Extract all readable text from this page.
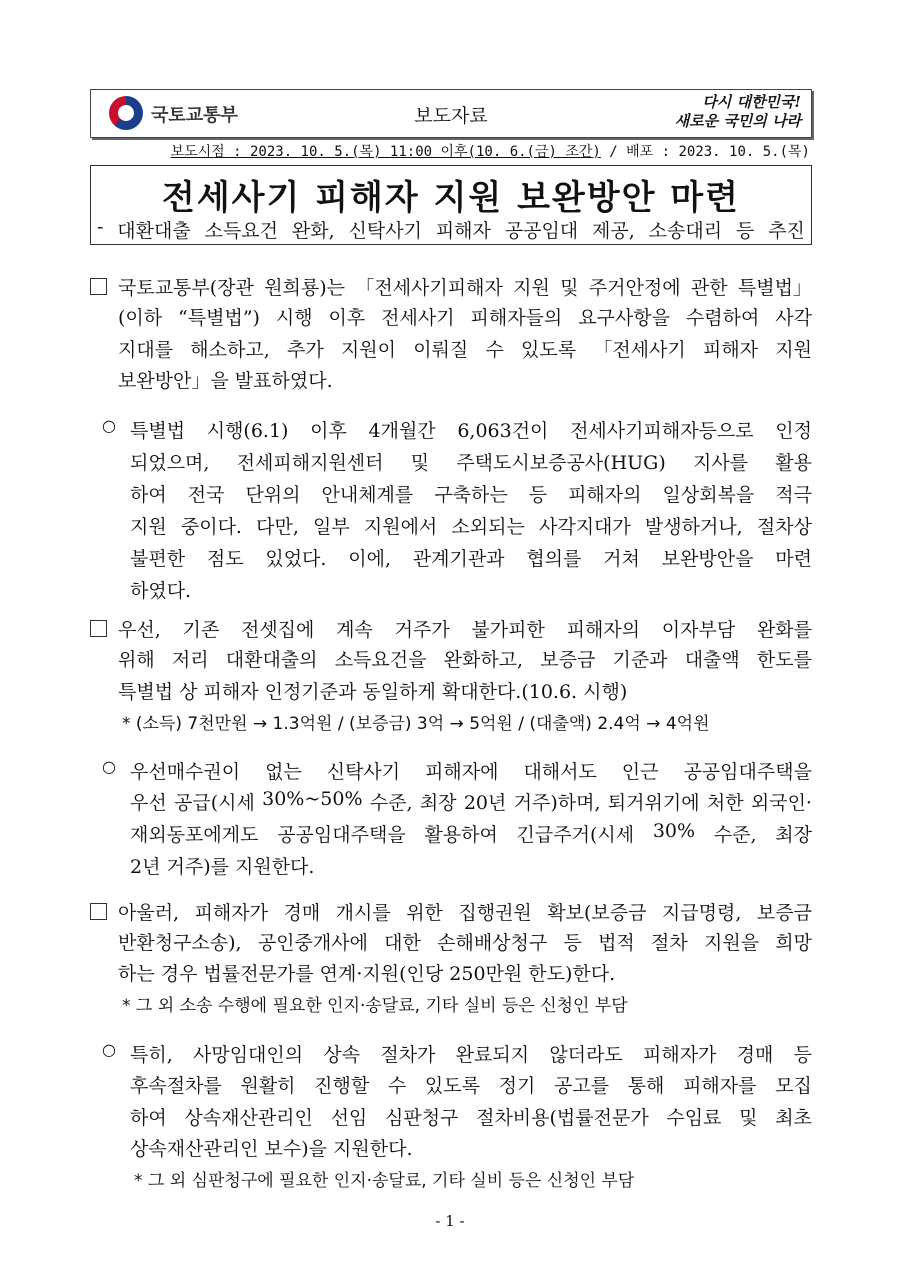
국토교통부	보도자료
다시 대한민국!
새로운 국민의 나라
보도시점 : 2023. 10. 5.(목) 11:00 이후(10. 6.(금) 조간) / 배포 : 2023. 10. 5.(목)
전세사기 피해자 지원 보완방안 마련
- 대환대출 소득요건 완화, 신탁사기 피해자 공공임대 제공, 소송대리 등 추진
국토교통부(장관 원희룡)는 「전세사기피해자 지원 및 주거안정에 관한 특별법」
(이하 “특별법”) 시행 이후 전세사기 피해자들의 요구사항을 수렴하여 사각
지대를 해소하고, 추가 지원이 이뤄질 수 있도록 「전세사기 피해자 지원
보완방안」을 발표하였다.
○ 특별법 시행(6.1) 이후 4개월간 6,063건이 전세사기피해자등으로 인정
되었으며, 전세피해지원센터 및 주택도시보증공사(HUG) 지사를 활용
하여 전국 단위의 안내체계를 구축하는 등 피해자의 일상회복을 적극
지원 중이다. 다만, 일부 지원에서 소외되는 사각지대가 발생하거나, 절차상
불편한 점도 있었다. 이에, 관계기관과 협의를 거쳐 보완방안을 마련
하였다.
우선, 기존 전셋집에 계속 거주가 불가피한 피해자의 이자부담 완화를
위해 저리 대환대출의 소득요건을 완화하고, 보증금 기준과 대출액 한도를
특별법 상 피해자 인정기준과 동일하게 확대한다.(10.6. 시행)
* (소득) 7천만원 → 1.3억원 / (보증금) 3억 → 5억원 / (대출액) 2.4억 → 4억원
○ 우선매수권이 없는 신탁사기 피해자에 대해서도 인근 공공임대주택을
우선 공급(시세 30%~50% 수준, 최장 20년 거주)하며, 퇴거위기에 처한 외국인·
재외동포에게도 공공임대주택을 활용하여 긴급주거(시세 30% 수준, 최장
2년 거주)를 지원한다.
아울러, 피해자가 경매 개시를 위한 집행권원 확보(보증금 지급명령, 보증금
반환청구소송), 공인중개사에 대한 손해배상청구 등 법적 절차 지원을 희망
하는 경우 법률전문가를 연계·지원(인당 250만원 한도)한다.
* 그 외 소송 수행에 필요한 인지·송달료, 기타 실비 등은 신청인 부담
○ 특히, 사망임대인의 상속 절차가 완료되지 않더라도 피해자가 경매 등
후속절차를 원활히 진행할 수 있도록 정기 공고를 통해 피해자를 모집
하여 상속재산관리인 선임 심판청구 절차비용(법률전문가 수임료 및 최초
상속재산관리인 보수)을 지원한다.
* 그 외 심판청구에 필요한 인지·송달료, 기타 실비 등은 신청인 부담
- 1 -
